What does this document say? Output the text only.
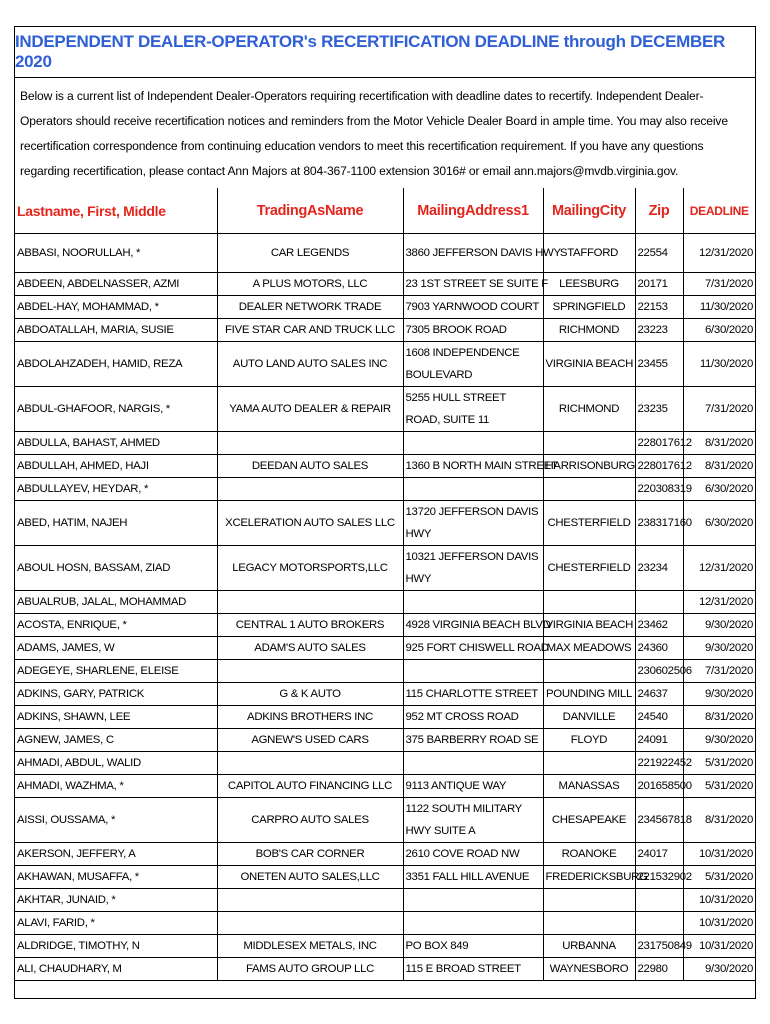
INDEPENDENT DEALER-OPERATOR's RECERTIFICATION DEADLINE through DECEMBER 2020
Below is a current list of Independent Dealer-Operators requiring recertification with deadline dates to recertify. Independent Dealer-Operators should receive recertification notices and reminders from the Motor Vehicle Dealer Board in ample time. You may also receive recertification correspondence from continuing education vendors to meet this recertification requirement. If you have any questions regarding recertification, please contact Ann Majors at 804-367-1100 extension 3016# or email ann.majors@mvdb.virginia.gov.
Lastname, First, Middle	TradingAsName	MailingAddress1	MailingCity	Zip	DEADLINE
ABBASI, NOORULLAH, *	CAR LEGENDS	3860 JEFFERSON DAVIS HWY	STAFFORD	22554	12/31/2020
ABDEEN, ABDELNASSER, AZMI	A PLUS MOTORS, LLC	23 1ST STREET SE SUITE F	LEESBURG	20171	7/31/2020
ABDEL-HAY, MOHAMMAD, *	DEALER NETWORK TRADE	7903 YARNWOOD COURT	SPRINGFIELD	22153	11/30/2020
ABDOATALLAH, MARIA, SUSIE	FIVE STAR CAR AND TRUCK LLC	7305 BROOK ROAD	RICHMOND	23223	6/30/2020
ABDOLAHZADEH, HAMID, REZA	AUTO LAND AUTO SALES INC	1608 INDEPENDENCE BOULEVARD	VIRGINIA BEACH	23455	11/30/2020
ABDUL-GHAFOOR, NARGIS, *	YAMA AUTO DEALER & REPAIR	5255 HULL STREET ROAD, SUITE 11	RICHMOND	23235	7/31/2020
ABDULLA, BAHAST, AHMED				228017612	8/31/2020
ABDULLAH, AHMED, HAJI	DEEDAN AUTO SALES	1360 B NORTH MAIN STREET	HARRISONBURG	228017612	8/31/2020
ABDULLAYEV, HEYDAR, *				220308319	6/30/2020
ABED, HATIM, NAJEH	XCELERATION AUTO SALES LLC	13720 JEFFERSON DAVIS HWY	CHESTERFIELD	238317160	6/30/2020
ABOUL HOSN, BASSAM, ZIAD	LEGACY MOTORSPORTS,LLC	10321 JEFFERSON DAVIS HWY	CHESTERFIELD	23234	12/31/2020
ABUALRUB, JALAL, MOHAMMAD					12/31/2020
ACOSTA, ENRIQUE, *	CENTRAL 1 AUTO BROKERS	4928 VIRGINIA BEACH BLVD	VIRGINIA BEACH	23462	9/30/2020
ADAMS, JAMES, W	ADAM'S AUTO SALES	925 FORT CHISWELL ROAD	MAX MEADOWS	24360	9/30/2020
ADEGEYE, SHARLENE, ELEISE				230602506	7/31/2020
ADKINS, GARY, PATRICK	G & K AUTO	115 CHARLOTTE STREET	POUNDING MILL	24637	9/30/2020
ADKINS, SHAWN, LEE	ADKINS BROTHERS INC	952 MT CROSS ROAD	DANVILLE	24540	8/31/2020
AGNEW, JAMES, C	AGNEW'S USED CARS	375 BARBERRY ROAD SE	FLOYD	24091	9/30/2020
AHMADI, ABDUL, WALID				221922452	5/31/2020
AHMADI, WAZHMA, *	CAPITOL AUTO FINANCING LLC	9113 ANTIQUE WAY	MANASSAS	201658500	5/31/2020
AISSI, OUSSAMA, *	CARPRO AUTO SALES	1122 SOUTH MILITARY HWY SUITE A	CHESAPEAKE	234567818	8/31/2020
AKERSON, JEFFERY, A	BOB'S CAR CORNER	2610 COVE ROAD NW	ROANOKE	24017	10/31/2020
AKHAWAN, MUSAFFA, *	ONETEN AUTO SALES,LLC	3351 FALL HILL AVENUE	FREDERICKSBURG	221532902	5/31/2020
AKHTAR, JUNAID, *					10/31/2020
ALAVI, FARID, *					10/31/2020
ALDRIDGE, TIMOTHY, N	MIDDLESEX METALS, INC	PO BOX 849	URBANNA	231750849	10/31/2020
ALI, CHAUDHARY, M	FAMS AUTO GROUP LLC	115 E BROAD STREET	WAYNESBORO	22980	9/30/2020
